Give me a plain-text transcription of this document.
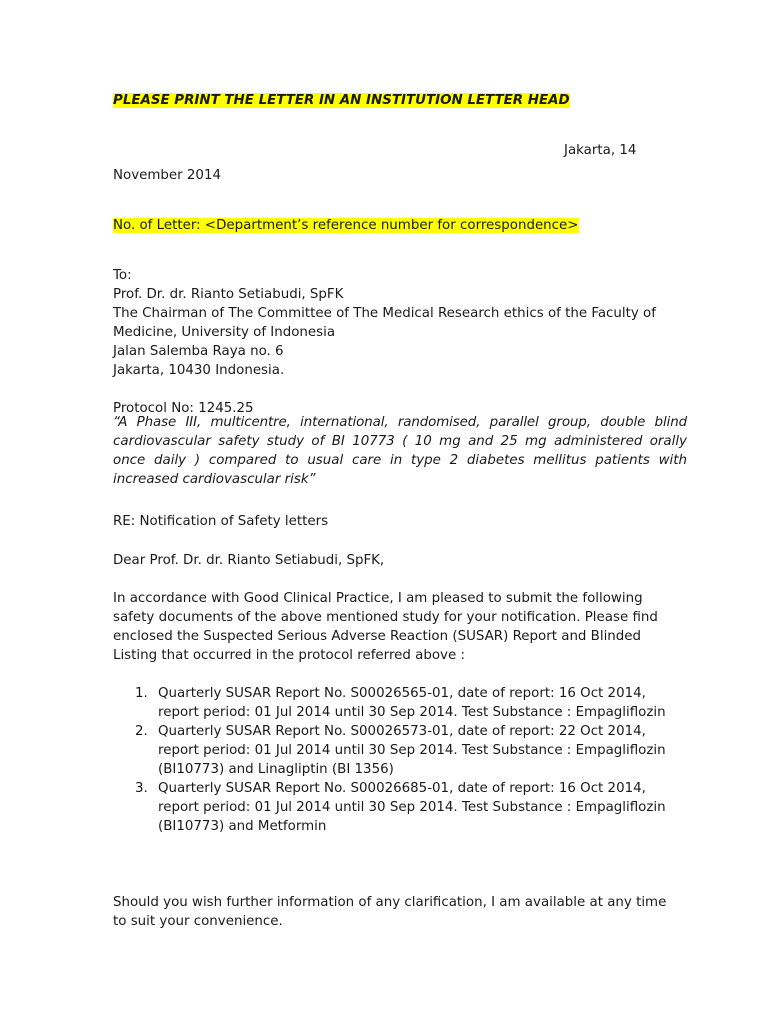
PLEASE PRINT THE LETTER IN AN INSTITUTION LETTER HEAD
Jakarta, 14
November 2014
No. of Letter: <Department’s reference number for correspondence>
To:
Prof. Dr. dr. Rianto Setiabudi, SpFK
The Chairman of The Committee of The Medical Research ethics of the Faculty of
Medicine, University of Indonesia
Jalan Salemba Raya no. 6
Jakarta, 10430 Indonesia.
Protocol No: 1245.25
“A Phase III, multicentre, international, randomised, parallel group, double blind
cardiovascular safety study of BI 10773 ( 10 mg and 25 mg administered orally
once daily ) compared to usual care in type 2 diabetes mellitus patients with
increased cardiovascular risk”
RE: Notification of Safety letters
Dear Prof. Dr. dr. Rianto Setiabudi, SpFK,
In accordance with Good Clinical Practice, I am pleased to submit the following
safety documents of the above mentioned study for your notification. Please find
enclosed the Suspected Serious Adverse Reaction (SUSAR) Report and Blinded
Listing that occurred in the protocol referred above :
1. Quarterly SUSAR Report No. S00026565-01, date of report: 16 Oct 2014,
report period: 01 Jul 2014 until 30 Sep 2014. Test Substance : Empagliflozin
2. Quarterly SUSAR Report No. S00026573-01, date of report: 22 Oct 2014,
report period: 01 Jul 2014 until 30 Sep 2014. Test Substance : Empagliflozin
(BI10773) and Linagliptin (BI 1356)
3. Quarterly SUSAR Report No. S00026685-01, date of report: 16 Oct 2014,
report period: 01 Jul 2014 until 30 Sep 2014. Test Substance : Empagliflozin
(BI10773) and Metformin
Should you wish further information of any clarification, I am available at any time
to suit your convenience.
